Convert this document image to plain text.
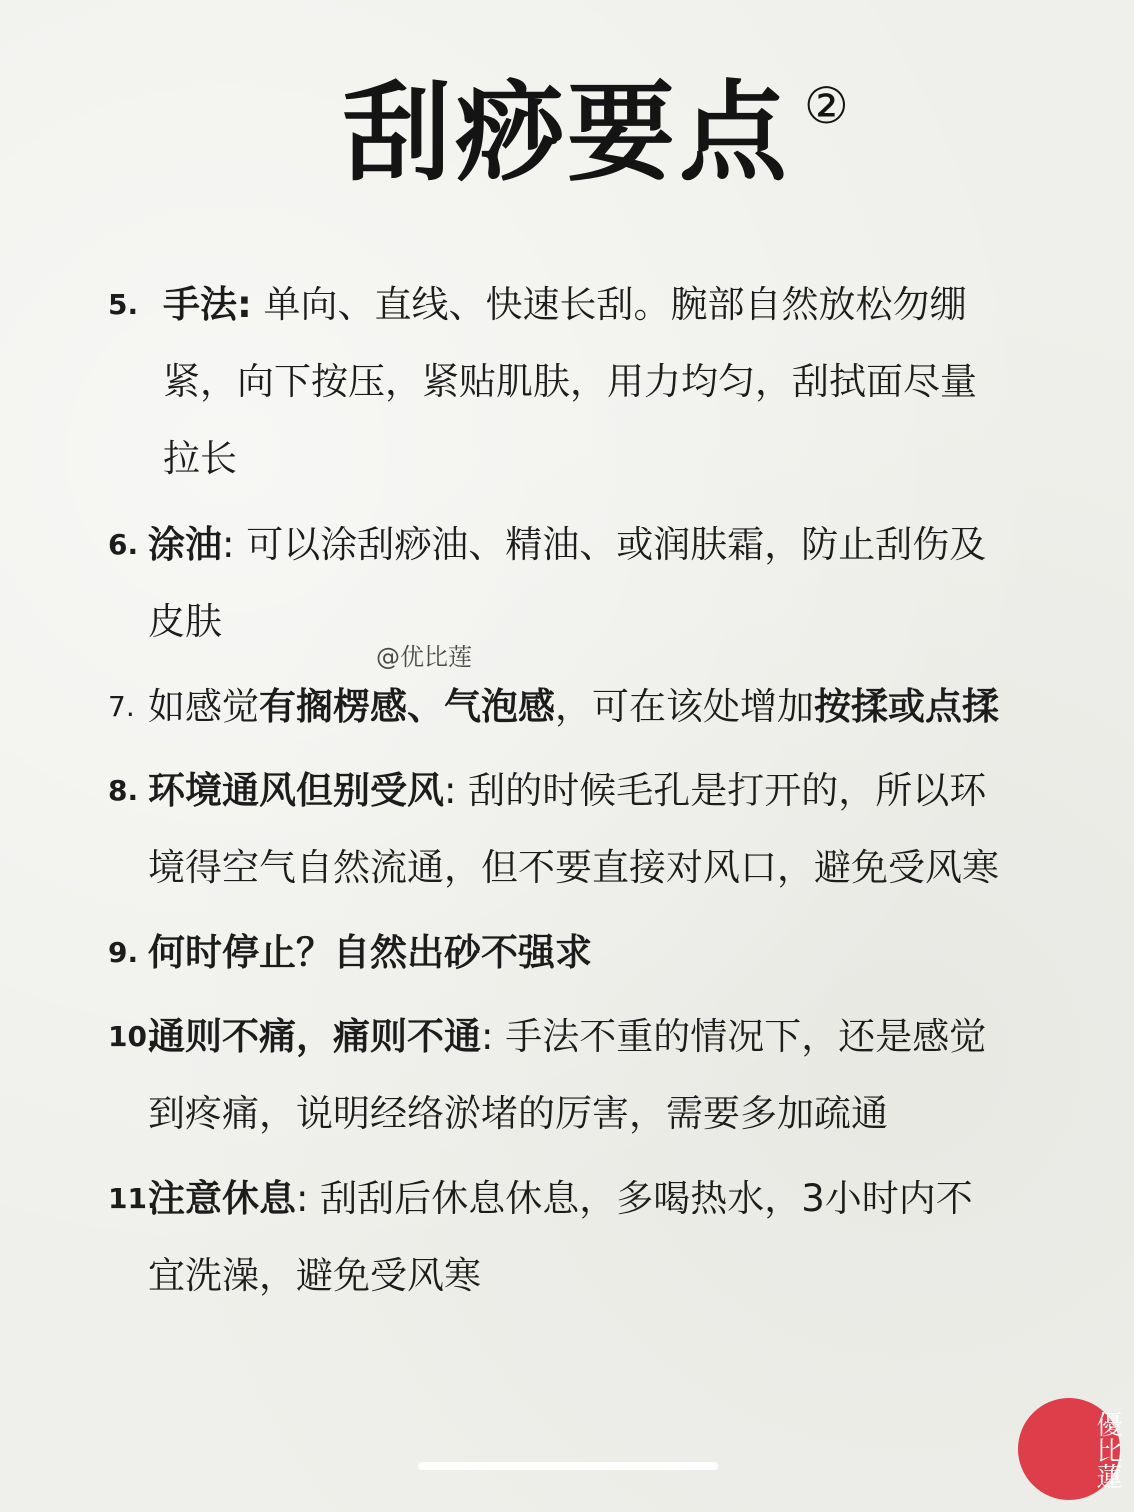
刮痧要点 ②
5. 手法: 单向、直线、快速长刮。腕部自然放松勿绷
紧，向下按压，紧贴肌肤，用力均匀，刮拭面尽量
拉长
6. 涂油: 可以涂刮痧油、精油、或润肤霜，防止刮伤及
皮肤
@优比莲
7. 如感觉有搁楞感、气泡感，可在该处增加按揉或点揉
8. 环境通风但别受风: 刮的时候毛孔是打开的，所以环
境得空气自然流通，但不要直接对风口，避免受风寒
9. 何时停止？自然出砂不强求
10.
通则不痛，痛则不通: 手法不重的情况下，还是感觉
到疼痛，说明经络淤堵的厉害，需要多加疏通
11.
注意休息: 刮刮后休息休息，多喝热水，3小时内不
宜洗澡，避免受风寒
優比蓮
